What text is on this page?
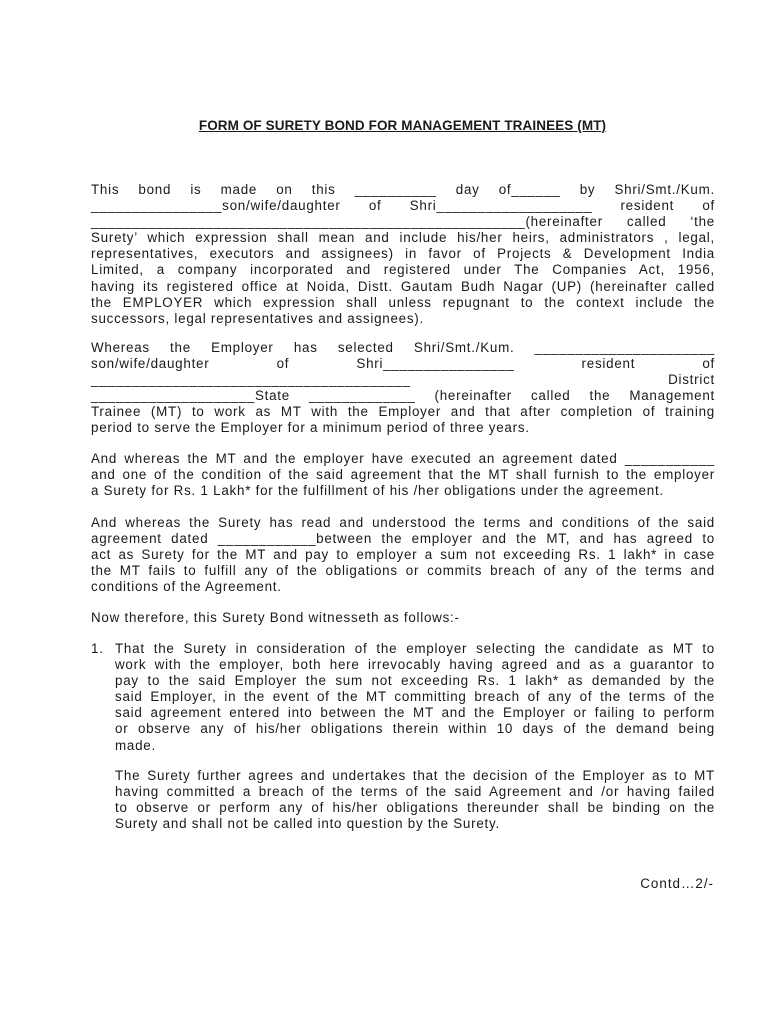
FORM OF SURETY BOND FOR MANAGEMENT TRAINEES (MT)
This bond is made on this __________ day of______ by Shri/Smt./Kum.
________________son/wife/daughter of Shri___________________ resident of
_____________________________________________________(hereinafter called ‘the
Surety’ which expression shall mean and include his/her heirs, administrators , legal,
representatives, executors and assignees) in favor of Projects & Development India
Limited, a company incorporated and registered under The Companies Act, 1956,
having its registered office at Noida, Distt. Gautam Budh Nagar (UP) (hereinafter called
the EMPLOYER which expression shall unless repugnant to the context include the
successors, legal representatives and assignees).
Whereas the Employer has selected Shri/Smt./Kum. ______________________
son/wife/daughter of Shri________________ resident of
_______________________________________ District
____________________State _____________ (hereinafter called the Management
Trainee (MT) to work as MT with the Employer and that after completion of training
period to serve the Employer for a minimum period of three years.
And whereas the MT and the employer have executed an agreement dated ___________
and one of the condition of the said agreement that the MT shall furnish to the employer
a Surety for Rs. 1 Lakh* for the fulfillment of his /her obligations under the agreement.
And whereas the Surety has read and understood the terms and conditions of the said
agreement dated ____________between the employer and the MT, and has agreed to
act as Surety for the MT and pay to employer a sum not exceeding Rs. 1 lakh* in case
the MT fails to fulfill any of the obligations or commits breach of any of the terms and
conditions of the Agreement.
Now therefore, this Surety Bond witnesseth as follows:-
1. That the Surety in consideration of the employer selecting the candidate as MT to
work with the employer, both here irrevocably having agreed and as a guarantor to
pay to the said Employer the sum not exceeding Rs. 1 lakh* as demanded by the
said Employer, in the event of the MT committing breach of any of the terms of the
said agreement entered into between the MT and the Employer or failing to perform
or observe any of his/her obligations therein within 10 days of the demand being
made.
The Surety further agrees and undertakes that the decision of the Employer as to MT
having committed a breach of the terms of the said Agreement and /or having failed
to observe or perform any of his/her obligations thereunder shall be binding on the
Surety and shall not be called into question by the Surety.
Contd…2/-
